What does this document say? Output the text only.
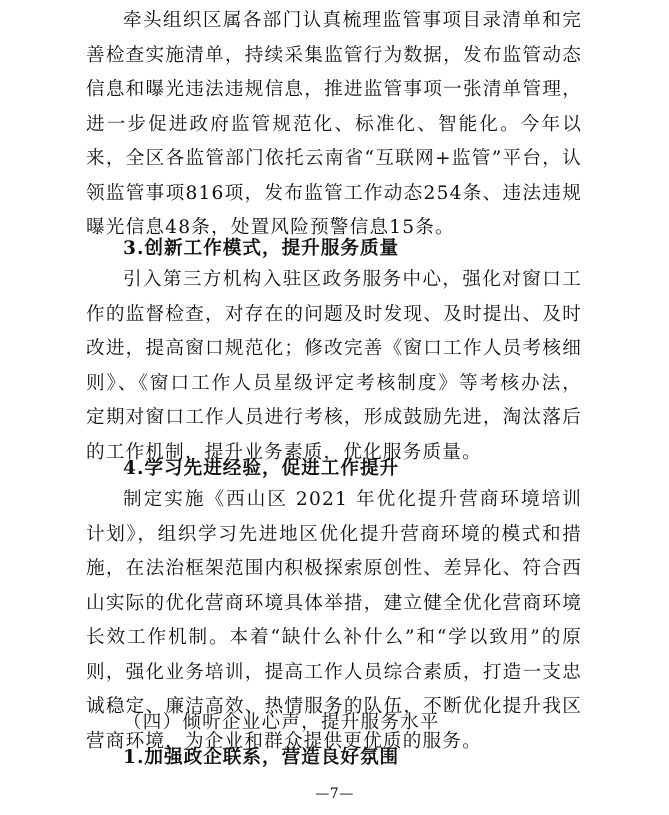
牵头组织区属各部门认真梳理监管事项目录清单和完善检查实施清单，持续采集监管行为数据，发布监管动态信息和曝光违法违规信息，推进监管事项一张清单管理，进一步促进政府监管规范化、标准化、智能化。今年以来，全区各监管部门依托云南省“互联网+监管”平台，认领监管事项816项，发布监管工作动态254条、违法违规曝光信息48条，处置风险预警信息15条。

3.创新工作模式，提升服务质量

引入第三方机构入驻区政务服务中心，强化对窗口工作的监督检查，对存在的问题及时发现、及时提出、及时改进，提高窗口规范化；修改完善《窗口工作人员考核细则》、《窗口工作人员星级评定考核制度》等考核办法，定期对窗口工作人员进行考核，形成鼓励先进，淘汰落后的工作机制，提升业务素质，优化服务质量。

4.学习先进经验，促进工作提升

制定实施《西山区 2021 年优化提升营商环境培训计划》，组织学习先进地区优化提升营商环境的模式和措施，在法治框架范围内积极探索原创性、差异化、符合西山实际的优化营商环境具体举措，建立健全优化营商环境长效工作机制。本着“缺什么补什么”和“学以致用”的原则，强化业务培训，提高工作人员综合素质，打造一支忠诚稳定、廉洁高效、热情服务的队伍，不断优化提升我区营商环境，为企业和群众提供更优质的服务。

（四）倾听企业心声，提升服务水平

1.加强政企联系，营造良好氛围

—7—
